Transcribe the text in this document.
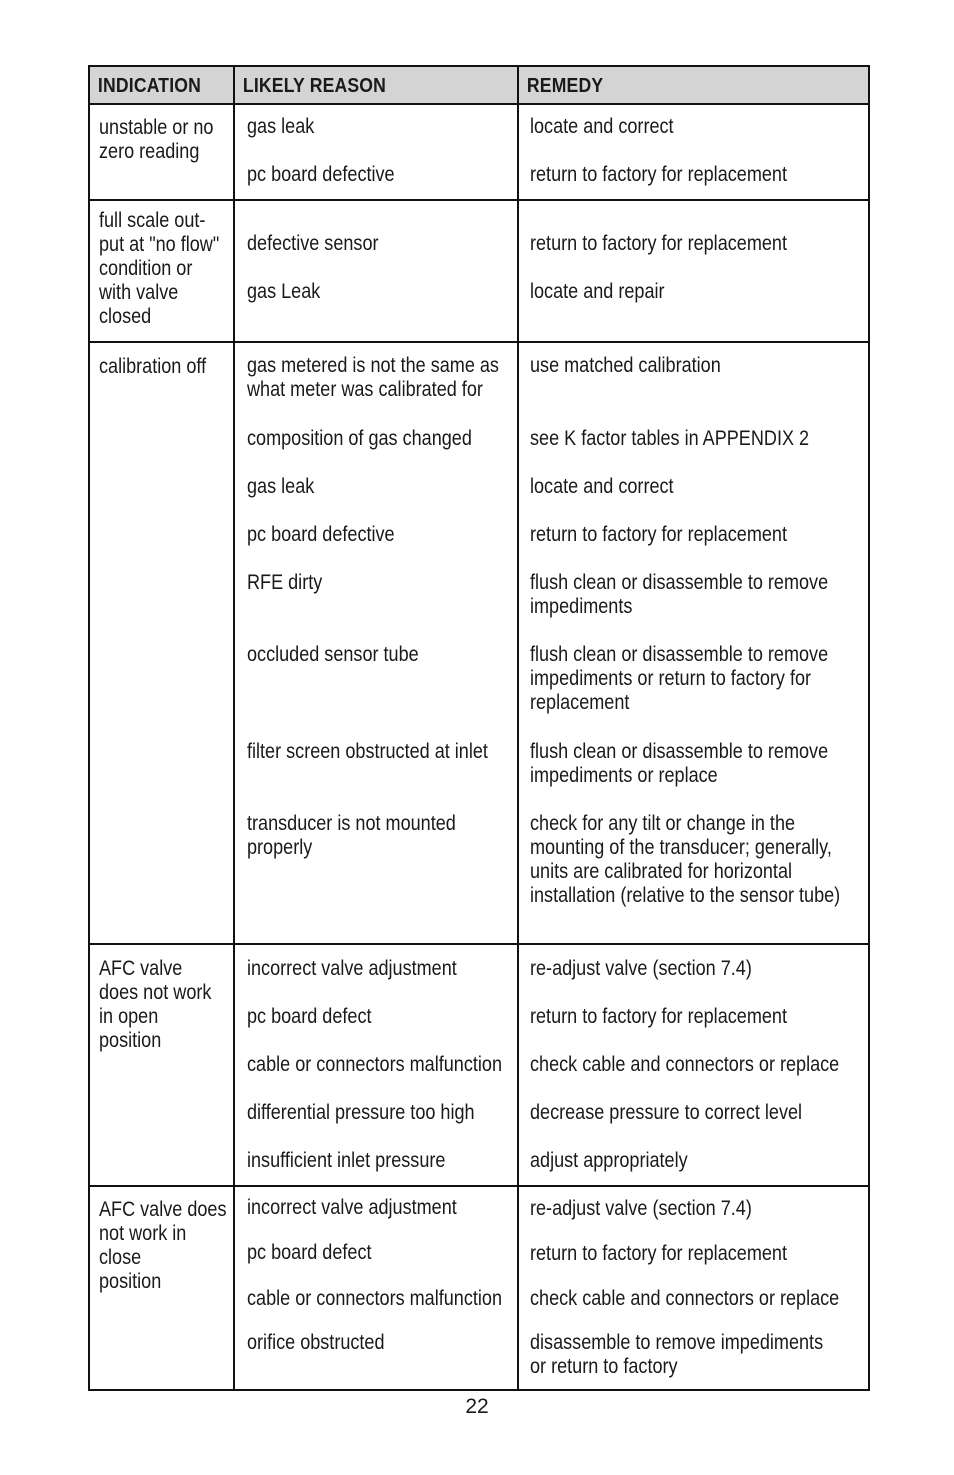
INDICATION	LIKELY REASON	REMEDY
unstable or no
zero reading
gas leak
pc board defective
locate and correct
return to factory for replacement
full scale out-
put at "no flow"
condition or
with valve
closed
defective sensor
gas Leak
return to factory for replacement
locate and repair
calibration off gas metered is not the same as
what meter was calibrated for
composition of gas changed
gas leak
pc board defective
RFE dirty
occluded sensor tube
filter screen obstructed at inlet
transducer is not mounted
properly
use matched calibration
see K factor tables in APPENDIX 2
locate and correct
return to factory for replacement
flush clean or disassemble to remove
impediments
flush clean or disassemble to remove
impediments or return to factory for
replacement
flush clean or disassemble to remove
impediments or replace
check for any tilt or change in the
mounting of the transducer; generally,
units are calibrated for horizontal
installation (relative to the sensor tube)
AFC valve
does not work
in open
position
incorrect valve adjustment
pc board defect
cable or connectors malfunction
differential pressure too high
insufficient inlet pressure
re-adjust valve (section 7.4)
return to factory for replacement
check cable and connectors or replace
decrease pressure to correct level
adjust appropriately
AFC valve does
not work in
close
position
incorrect valve adjustment
pc board defect
cable or connectors malfunction
orifice obstructed
re-adjust valve (section 7.4)
return to factory for replacement
check cable and connectors or replace
disassemble to remove impediments
or return to factory
22
